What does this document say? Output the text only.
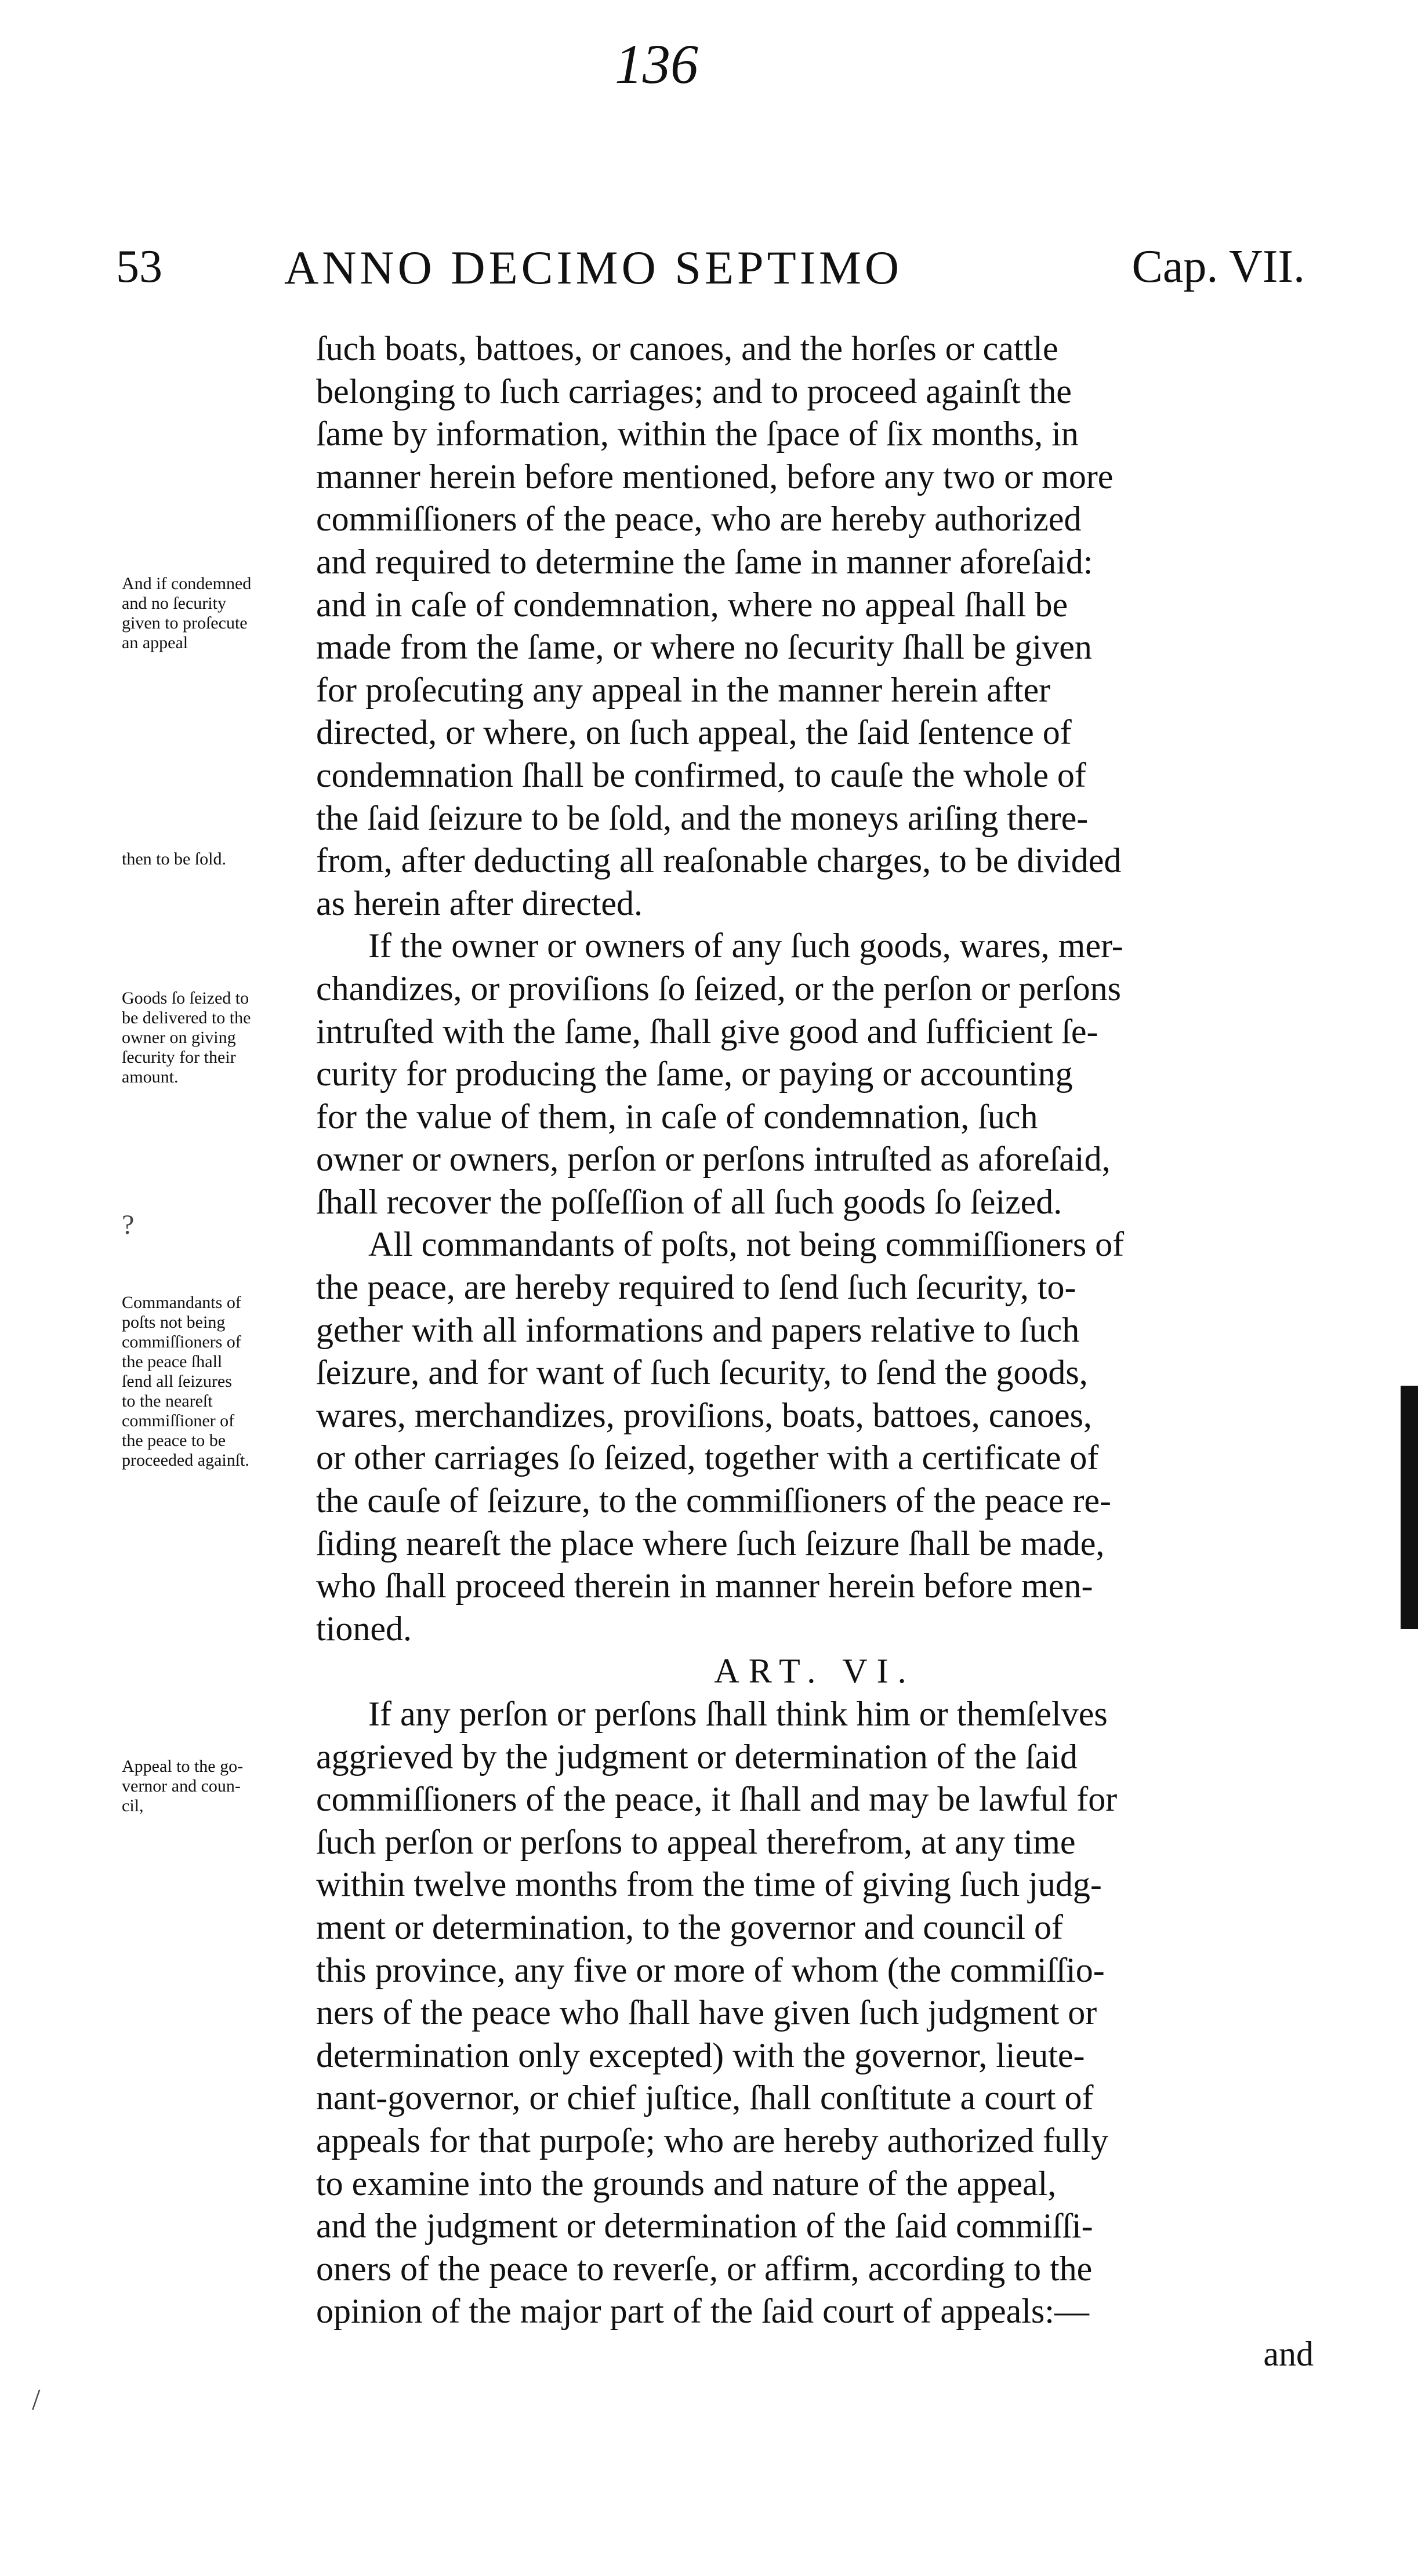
136
53	ANNO DECIMO SEPTIMO	Cap. VII.

ſuch boats, battoes, or canoes, and the horſes or cattle
belonging to ſuch carriages; and to proceed againſt the
ſame by information, within the ſpace of ſix months, in
manner herein before mentioned, before any two or more
commiſſioners of the peace, who are hereby authorized
and required to determine the ſame in manner aforeſaid:
and in caſe of condemnation, where no appeal ſhall be
made from the ſame, or where no ſecurity ſhall be given
for proſecuting any appeal in the manner herein after
directed, or where, on ſuch appeal, the ſaid ſentence of
condemnation ſhall be confirmed, to cauſe the whole of
the ſaid ſeizure to be ſold, and the moneys ariſing there-
from, after deducting all reaſonable charges, to be divided
as herein after directed.

If the owner or owners of any ſuch goods, wares, mer-
chandizes, or proviſions ſo ſeized, or the perſon or perſons
intruſted with the ſame, ſhall give good and ſufficient ſe-
curity for producing the ſame, or paying or accounting
for the value of them, in caſe of condemnation, ſuch
owner or owners, perſon or perſons intruſted as aforeſaid,
ſhall recover the poſſeſſion of all ſuch goods ſo ſeized.

All commandants of poſts, not being commiſſioners of
the peace, are hereby required to ſend ſuch ſecurity, to-
gether with all informations and papers relative to ſuch
ſeizure, and for want of ſuch ſecurity, to ſend the goods,
wares, merchandizes, proviſions, boats, battoes, canoes,
or other carriages ſo ſeized, together with a certificate of
the cauſe of ſeizure, to the commiſſioners of the peace re-
ſiding neareſt the place where ſuch ſeizure ſhall be made,
who ſhall proceed therein in manner herein before men-
tioned.

ART. VI.

If any perſon or perſons ſhall think him or themſelves
aggrieved by the judgment or determination of the ſaid
commiſſioners of the peace, it ſhall and may be lawful for
ſuch perſon or perſons to appeal therefrom, at any time
within twelve months from the time of giving ſuch judg-
ment or determination, to the governor and council of
this province, any five or more of whom (the commiſſio-
ners of the peace who ſhall have given ſuch judgment or
determination only excepted) with the governor, lieute-
nant-governor, or chief juſtice, ſhall conſtitute a court of
appeals for that purpoſe; who are hereby authorized fully
to examine into the grounds and nature of the appeal,
and the judgment or determination of the ſaid commiſſi-
oners of the peace to reverſe, or affirm, according to the
opinion of the major part of the ſaid court of appeals:—

and

And if condemned
and no ſecurity
given to proſecute
an appeal
then to be ſold.
Goods ſo ſeized to
be delivered to the
owner on giving
ſecurity for their
amount.
Commandants of
poſts not being
commiſſioners of
the peace ſhall
ſend all ſeizures
to the neareſt
commiſſioner of
the peace to be
proceeded againſt.
Appeal to the go-
vernor and coun-
cil,
?
/
